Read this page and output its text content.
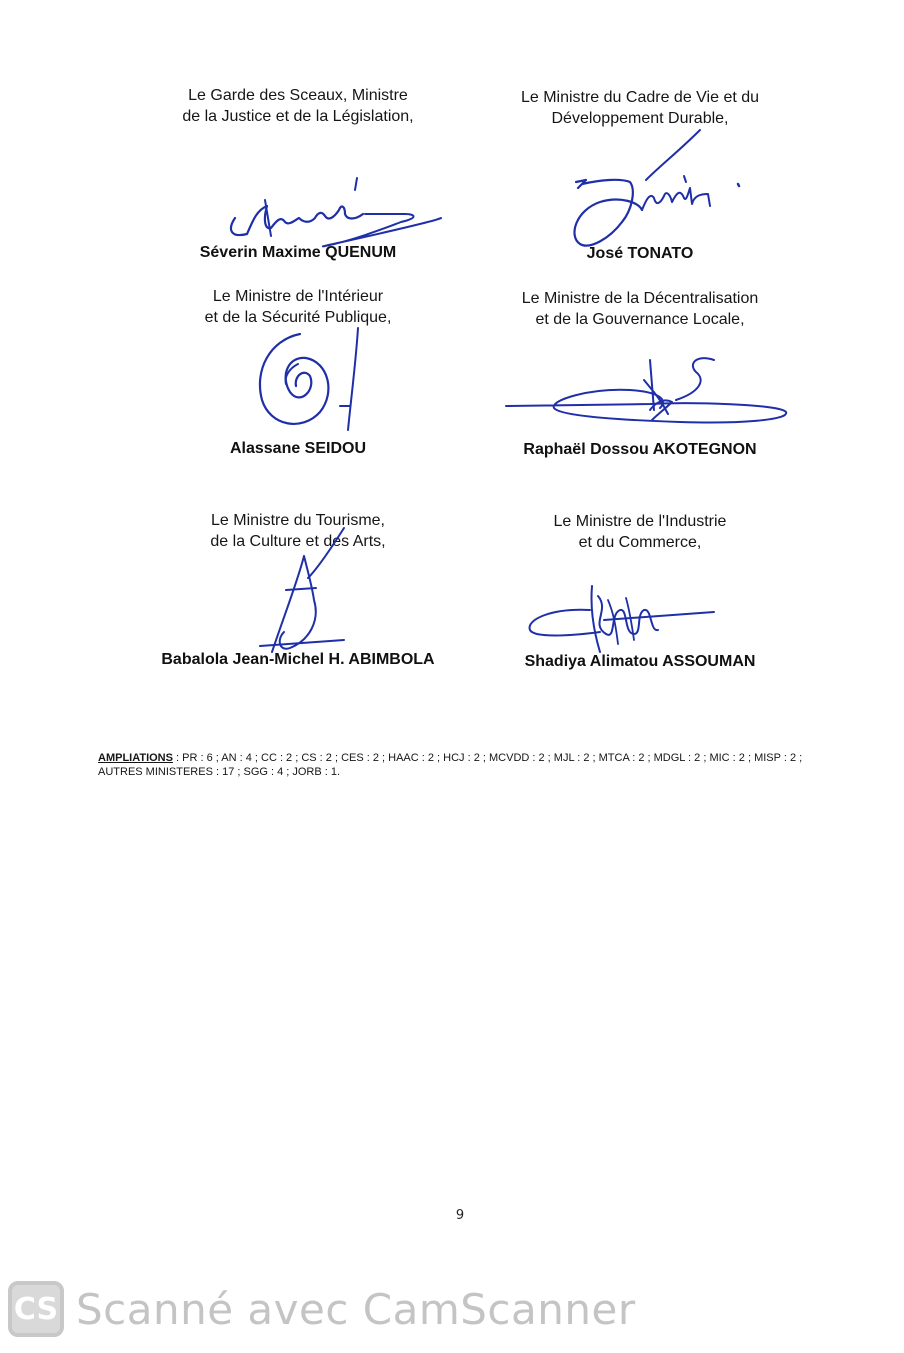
Le Garde des Sceaux, Ministre
de la Justice et de la Législation,
Séverin Maxime QUENUM
Le Ministre du Cadre de Vie et du
Développement Durable,
José TONATO
Le Ministre de l'Intérieur
et de la Sécurité Publique,
Alassane SEIDOU
Le Ministre de la Décentralisation
et de la Gouvernance Locale,
Raphaël Dossou AKOTEGNON
Le Ministre du Tourisme,
de la Culture et des Arts,
Babalola Jean-Michel H. ABIMBOLA
Le Ministre de l'Industrie
et du Commerce,
Shadiya Alimatou ASSOUMAN
AMPLIATIONS : PR : 6 ; AN : 4 ; CC : 2 ; CS : 2 ; CES : 2 ; HAAC : 2 ; HCJ : 2 ; MCVDD : 2 ; MJL : 2 ; MTCA : 2 ; MDGL : 2 ; MIC : 2 ; MISP : 2 ; AUTRES MINISTERES : 17 ; SGG : 4 ; JORB : 1.
9
CS Scanné avec CamScanner
